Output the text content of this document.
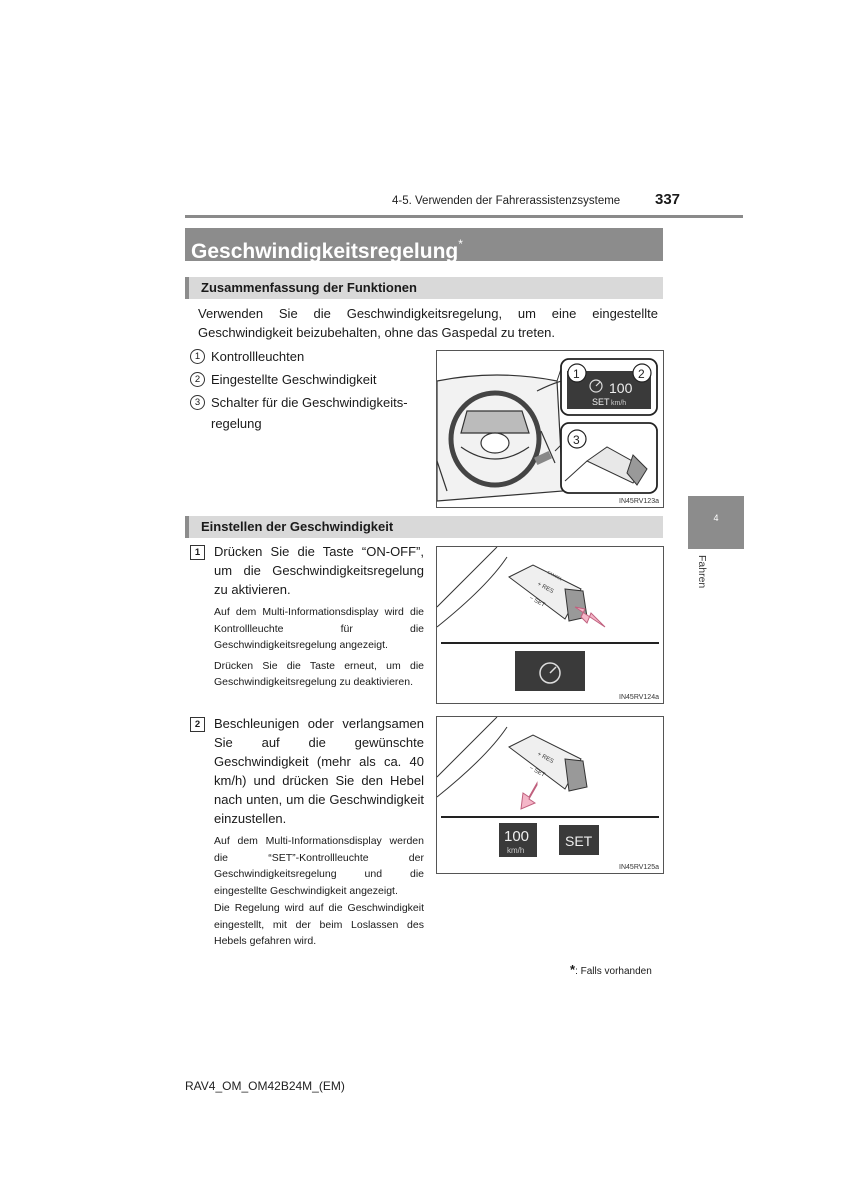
4-5. Verwenden der Fahrerassistenzsysteme 337
Geschwindigkeitsregelung*
Zusammenfassung der Funktionen
Verwenden Sie die Geschwindigkeitsregelung, um eine eingestellte Geschwindigkeit beizubehalten, ohne das Gaspedal zu treten.
1 Kontrollleuchten
2 Eingestellte Geschwindigkeit
3 Schalter für die Geschwindigkeits-
regelung
100
SET km/h
1	2
3
IN45RV123a
Einstellen der Geschwindigkeit
1	Drücken Sie die Taste “ON-OFF”, um die Geschwindigkeitsregelung zu aktivieren.
Auf dem Multi-Informationsdisplay wird die Kontrollleuchte für die Geschwindigkeitsregelung angezeigt.
Drücken Sie die Taste erneut, um die Geschwindigkeitsregelung zu deaktivieren.
+ RES
− SET
CANCEL
IN45RV124a
2	Beschleunigen oder verlangsamen Sie auf die gewünschte Geschwindigkeit (mehr als ca. 40 km/h) und drücken Sie den Hebel nach unten, um die Geschwindigkeit einzustellen.
Auf dem Multi-Informationsdisplay werden die “SET”-Kontrollleuchte der Geschwindigkeitsregelung und die eingestellte Geschwindigkeit angezeigt.
Die Regelung wird auf die Geschwindigkeit eingestellt, mit der beim Loslassen des Hebels gefahren wird.
+ RES
− SET
100
km/h
SET
IN45RV125a
4
Fahren
*: Falls vorhanden
RAV4_OM_OM42B24M_(EM)
